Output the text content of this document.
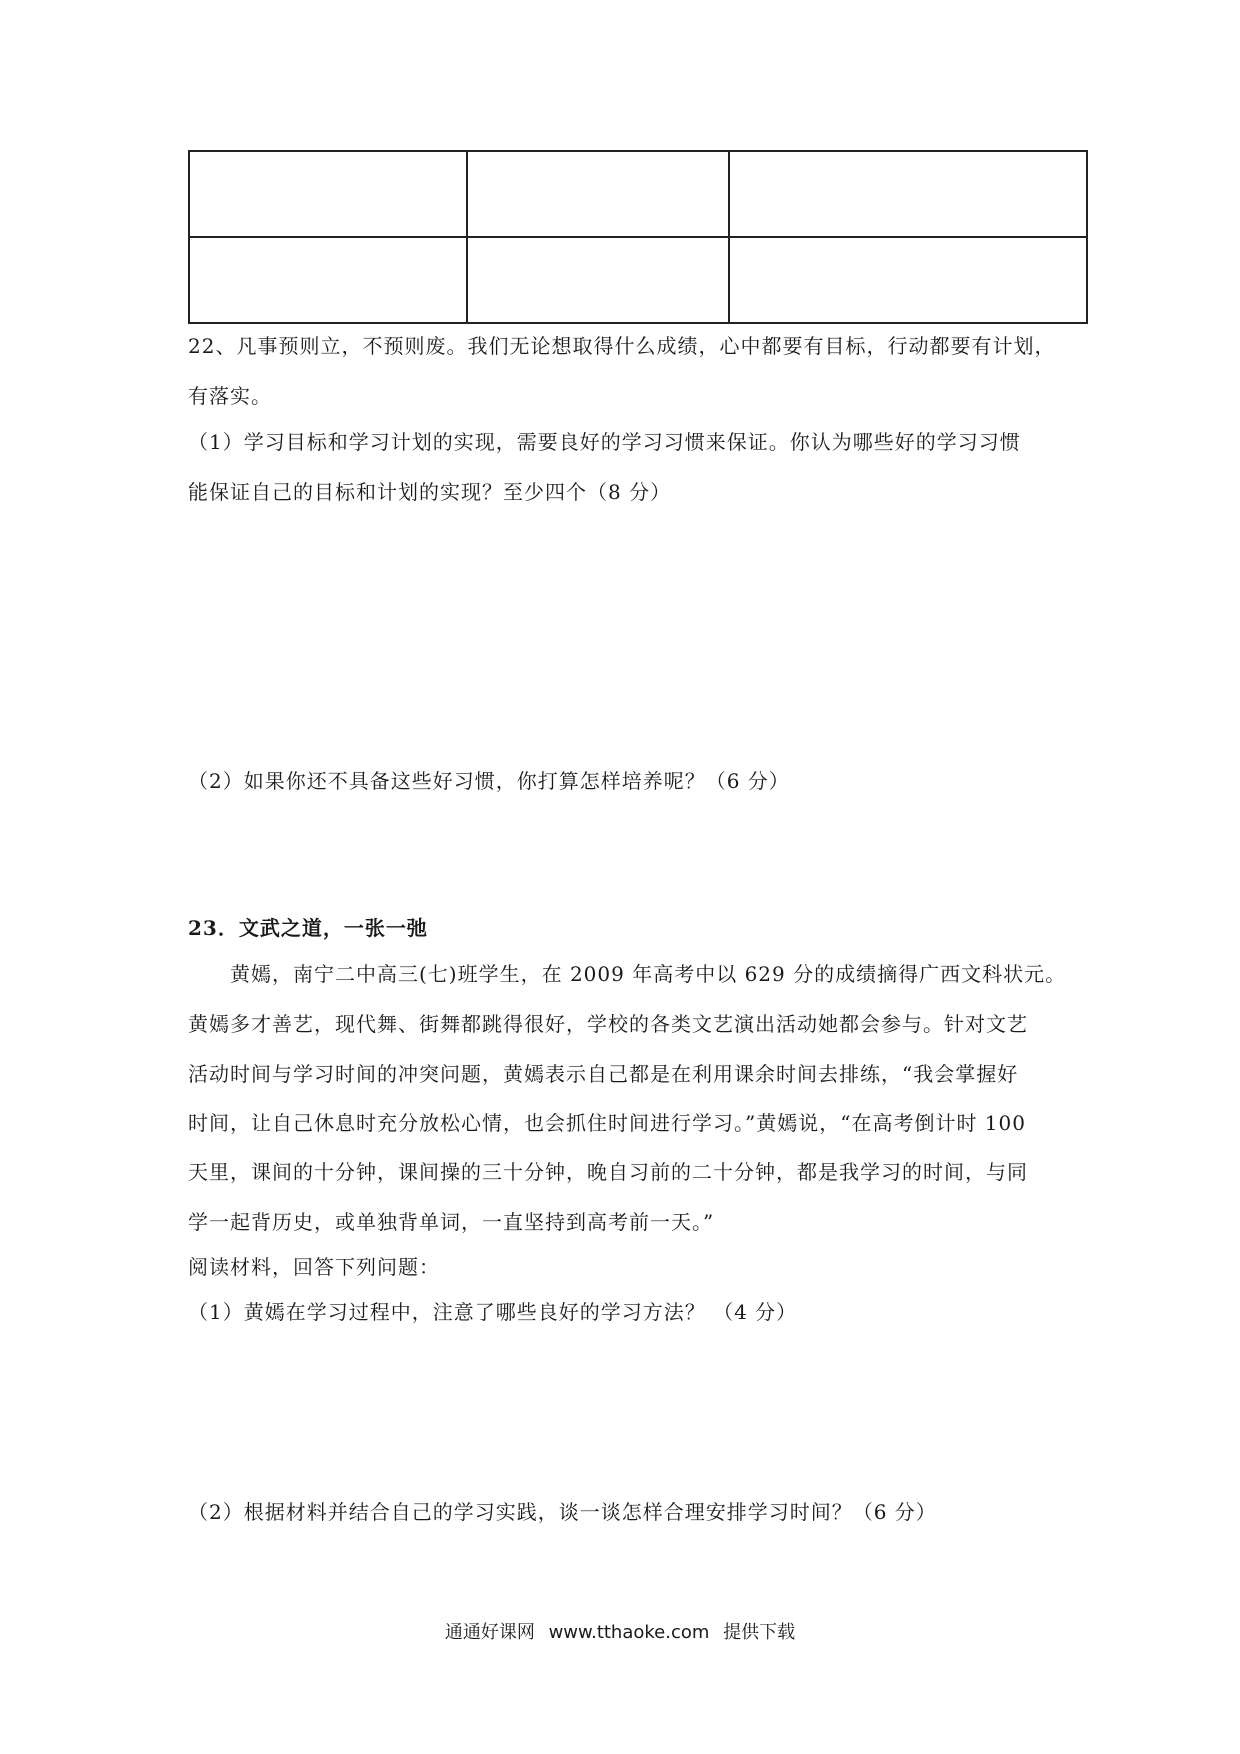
22、凡事预则立，不预则废。我们无论想取得什么成绩，心中都要有目标，行动都要有计划，
有落实。
（1）学习目标和学习计划的实现，需要良好的学习习惯来保证。你认为哪些好的学习习惯
能保证自己的目标和计划的实现？至少四个（8 分）
（2）如果你还不具备这些好习惯，你打算怎样培养呢？（6 分）
23．文武之道，一张一弛
黄嫣，南宁二中高三(七)班学生，在 2009 年高考中以 629 分的成绩摘得广西文科状元。
黄嫣多才善艺，现代舞、街舞都跳得很好，学校的各类文艺演出活动她都会参与。针对文艺
活动时间与学习时间的冲突问题，黄嫣表示自己都是在利用课余时间去排练，“我会掌握好
时间，让自己休息时充分放松心情，也会抓住时间进行学习。”黄嫣说，“在高考倒计时 100
天里，课间的十分钟，课间操的三十分钟，晚自习前的二十分钟，都是我学习的时间，与同
学一起背历史，或单独背单词，一直坚持到高考前一天。”
阅读材料，回答下列问题：
（1）黄嫣在学习过程中，注意了哪些良好的学习方法？ （4 分）
（2）根据材料并结合自己的学习实践，谈一谈怎样合理安排学习时间？（6 分）
通通好课网 www.tthaoke.com 提供下载
